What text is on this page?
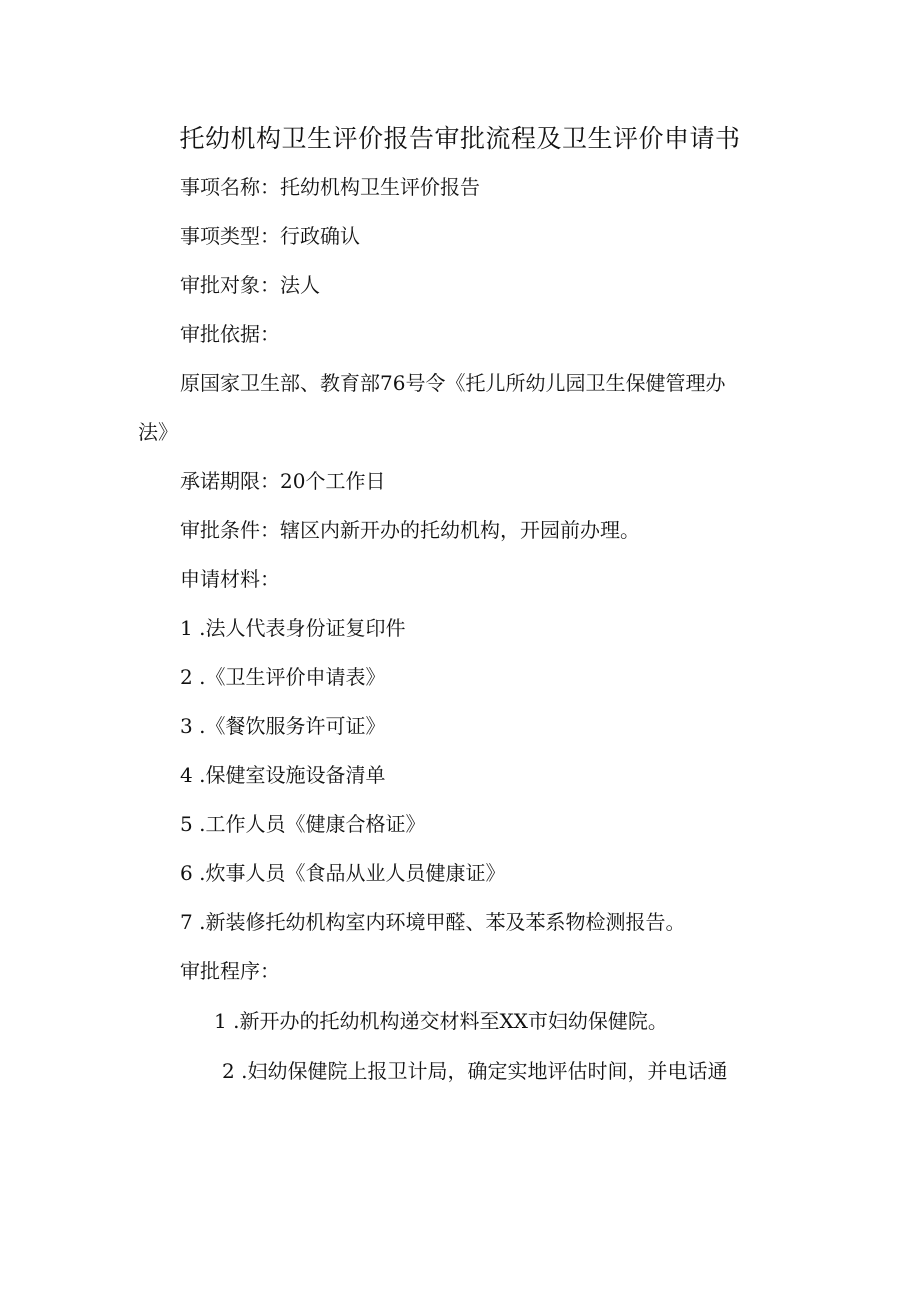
托幼机构卫生评价报告审批流程及卫生评价申请书
事项名称：托幼机构卫生评价报告
事项类型：行政确认
审批对象：法人
审批依据：
原国家卫生部、教育部76号令《托儿所幼儿园卫生保健管理办
法》
承诺期限：20个工作日
审批条件：辖区内新开办的托幼机构，开园前办理。
申请材料：
1 .法人代表身份证复印件
2 .《卫生评价申请表》
3 .《餐饮服务许可证》
4 .保健室设施设备清单
5 .工作人员《健康合格证》
6 .炊事人员《食品从业人员健康证》
7 .新装修托幼机构室内环境甲醛、苯及苯系物检测报告。
审批程序：
1 .新开办的托幼机构递交材料至XX市妇幼保健院。
2 .妇幼保健院上报卫计局，确定实地评估时间，并电话通
